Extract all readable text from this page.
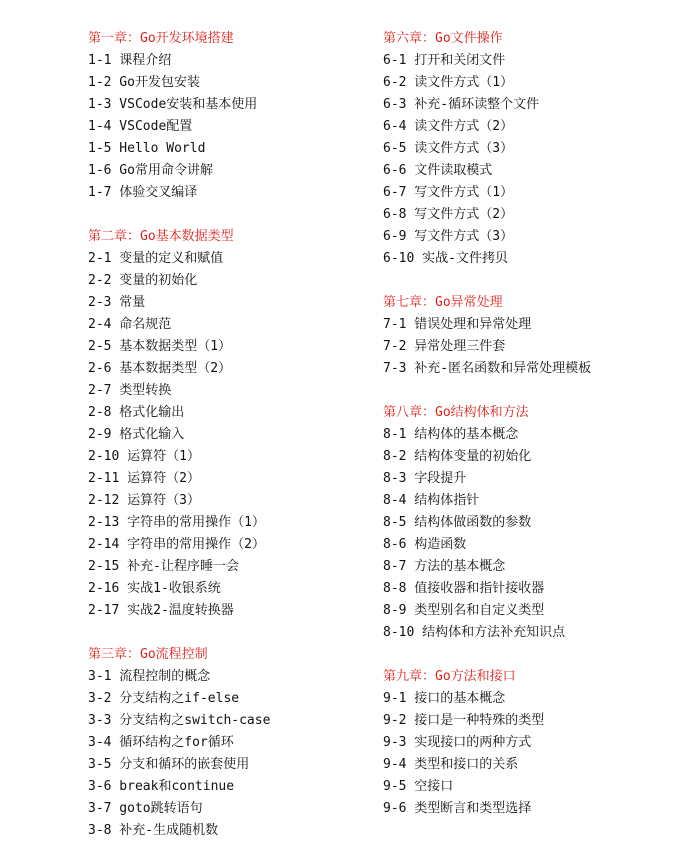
第一章：Go开发环境搭建
1-1 课程介绍
1-2 Go开发包安装
1-3 VSCode安装和基本使用
1-4 VSCode配置
1-5 Hello World
1-6 Go常用命令讲解
1-7 体验交叉编译
第二章：Go基本数据类型
2-1 变量的定义和赋值
2-2 变量的初始化
2-3 常量
2-4 命名规范
2-5 基本数据类型（1）
2-6 基本数据类型（2）
2-7 类型转换
2-8 格式化输出
2-9 格式化输入
2-10 运算符（1）
2-11 运算符（2）
2-12 运算符（3）
2-13 字符串的常用操作（1）
2-14 字符串的常用操作（2）
2-15 补充-让程序睡一会
2-16 实战1-收银系统
2-17 实战2-温度转换器
第三章：Go流程控制
3-1 流程控制的概念
3-2 分支结构之if-else
3-3 分支结构之switch-case
3-4 循环结构之for循环
3-5 分支和循环的嵌套使用
3-6 break和continue
3-7 goto跳转语句
3-8 补充-生成随机数
第六章：Go文件操作
6-1 打开和关闭文件
6-2 读文件方式（1）
6-3 补充-循环读整个文件
6-4 读文件方式（2）
6-5 读文件方式（3）
6-6 文件读取模式
6-7 写文件方式（1）
6-8 写文件方式（2）
6-9 写文件方式（3）
6-10 实战-文件拷贝
第七章：Go异常处理
7-1 错误处理和异常处理
7-2 异常处理三件套
7-3 补充-匿名函数和异常处理模板
第八章：Go结构体和方法
8-1 结构体的基本概念
8-2 结构体变量的初始化
8-3 字段提升
8-4 结构体指针
8-5 结构体做函数的参数
8-6 构造函数
8-7 方法的基本概念
8-8 值接收器和指针接收器
8-9 类型别名和自定义类型
8-10 结构体和方法补充知识点
第九章：Go方法和接口
9-1 接口的基本概念
9-2 接口是一种特殊的类型
9-3 实现接口的两种方式
9-4 类型和接口的关系
9-5 空接口
9-6 类型断言和类型选择
